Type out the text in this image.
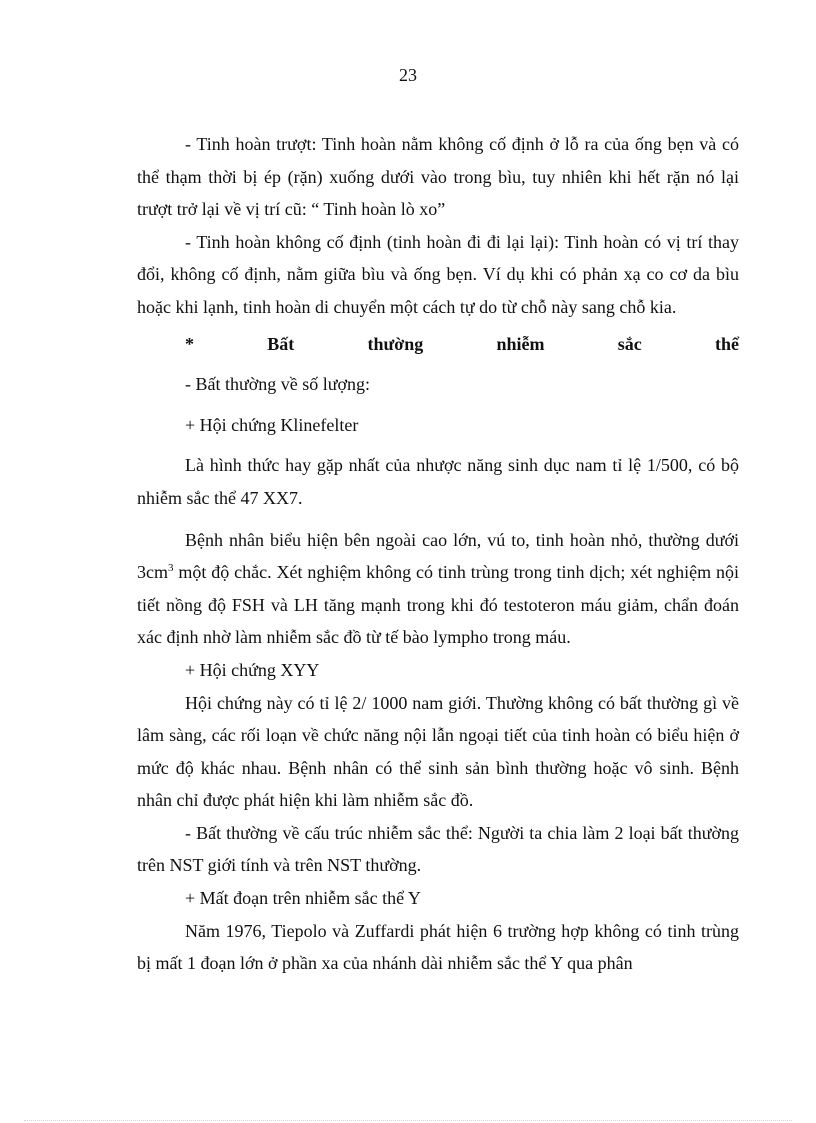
23

- Tinh hoàn trượt: Tinh hoàn nằm không cố định ở lỗ ra của ống bẹn và có thể thạm thời bị ép (rặn) xuống dưới vào trong bìu, tuy nhiên khi hết rặn nó lại trượt trở lại về vị trí cũ: “ Tinh hoàn lò xo”

- Tinh hoàn không cố định (tinh hoàn đi đi lại lại): Tinh hoàn có vị trí thay đổi, không cố định, nằm giữa bìu và ống bẹn. Ví dụ khi có phản xạ co cơ da bìu hoặc khi lạnh, tinh hoàn di chuyển một cách tự do từ chỗ này sang chỗ kia.

*	Bất	thường	nhiễm	sắc	thể

- Bất thường về số lượng:

+ Hội chứng Klinefelter

Là hình thức hay gặp nhất của nhược năng sinh dục nam tỉ lệ 1/500, có bộ nhiễm sắc thể 47 XX7.

Bệnh nhân biểu hiện bên ngoài cao lớn, vú to, tinh hoàn nhỏ, thường dưới $3cm^3$ một độ chắc. Xét nghiệm không có tinh trùng trong tinh dịch; xét nghiệm nội tiết nồng độ FSH và LH tăng mạnh trong khi đó testoteron máu giảm, chẩn đoán xác định nhờ làm nhiễm sắc đồ từ tế bào lympho trong máu.

+ Hội chứng XYY

Hội chứng này có tỉ lệ 2/ 1000 nam giới. Thường không có bất thường gì về lâm sàng, các rối loạn về chức năng nội lẫn ngoại tiết của tinh hoàn có biểu hiện ở mức độ khác nhau. Bệnh nhân có thể sinh sản bình thường hoặc vô sinh. Bệnh nhân chỉ được phát hiện khi làm nhiễm sắc đồ.

- Bất thường về cấu trúc nhiễm sắc thể: Người ta chia làm 2 loại bất thường trên NST giới tính và trên NST thường.

+ Mất đoạn trên nhiễm sắc thể Y

Năm 1976, Tiepolo và Zuffardi phát hiện 6 trường hợp không có tinh trùng bị mất 1 đoạn lớn ở phần xa của nhánh dài nhiễm sắc thể Y qua phân
